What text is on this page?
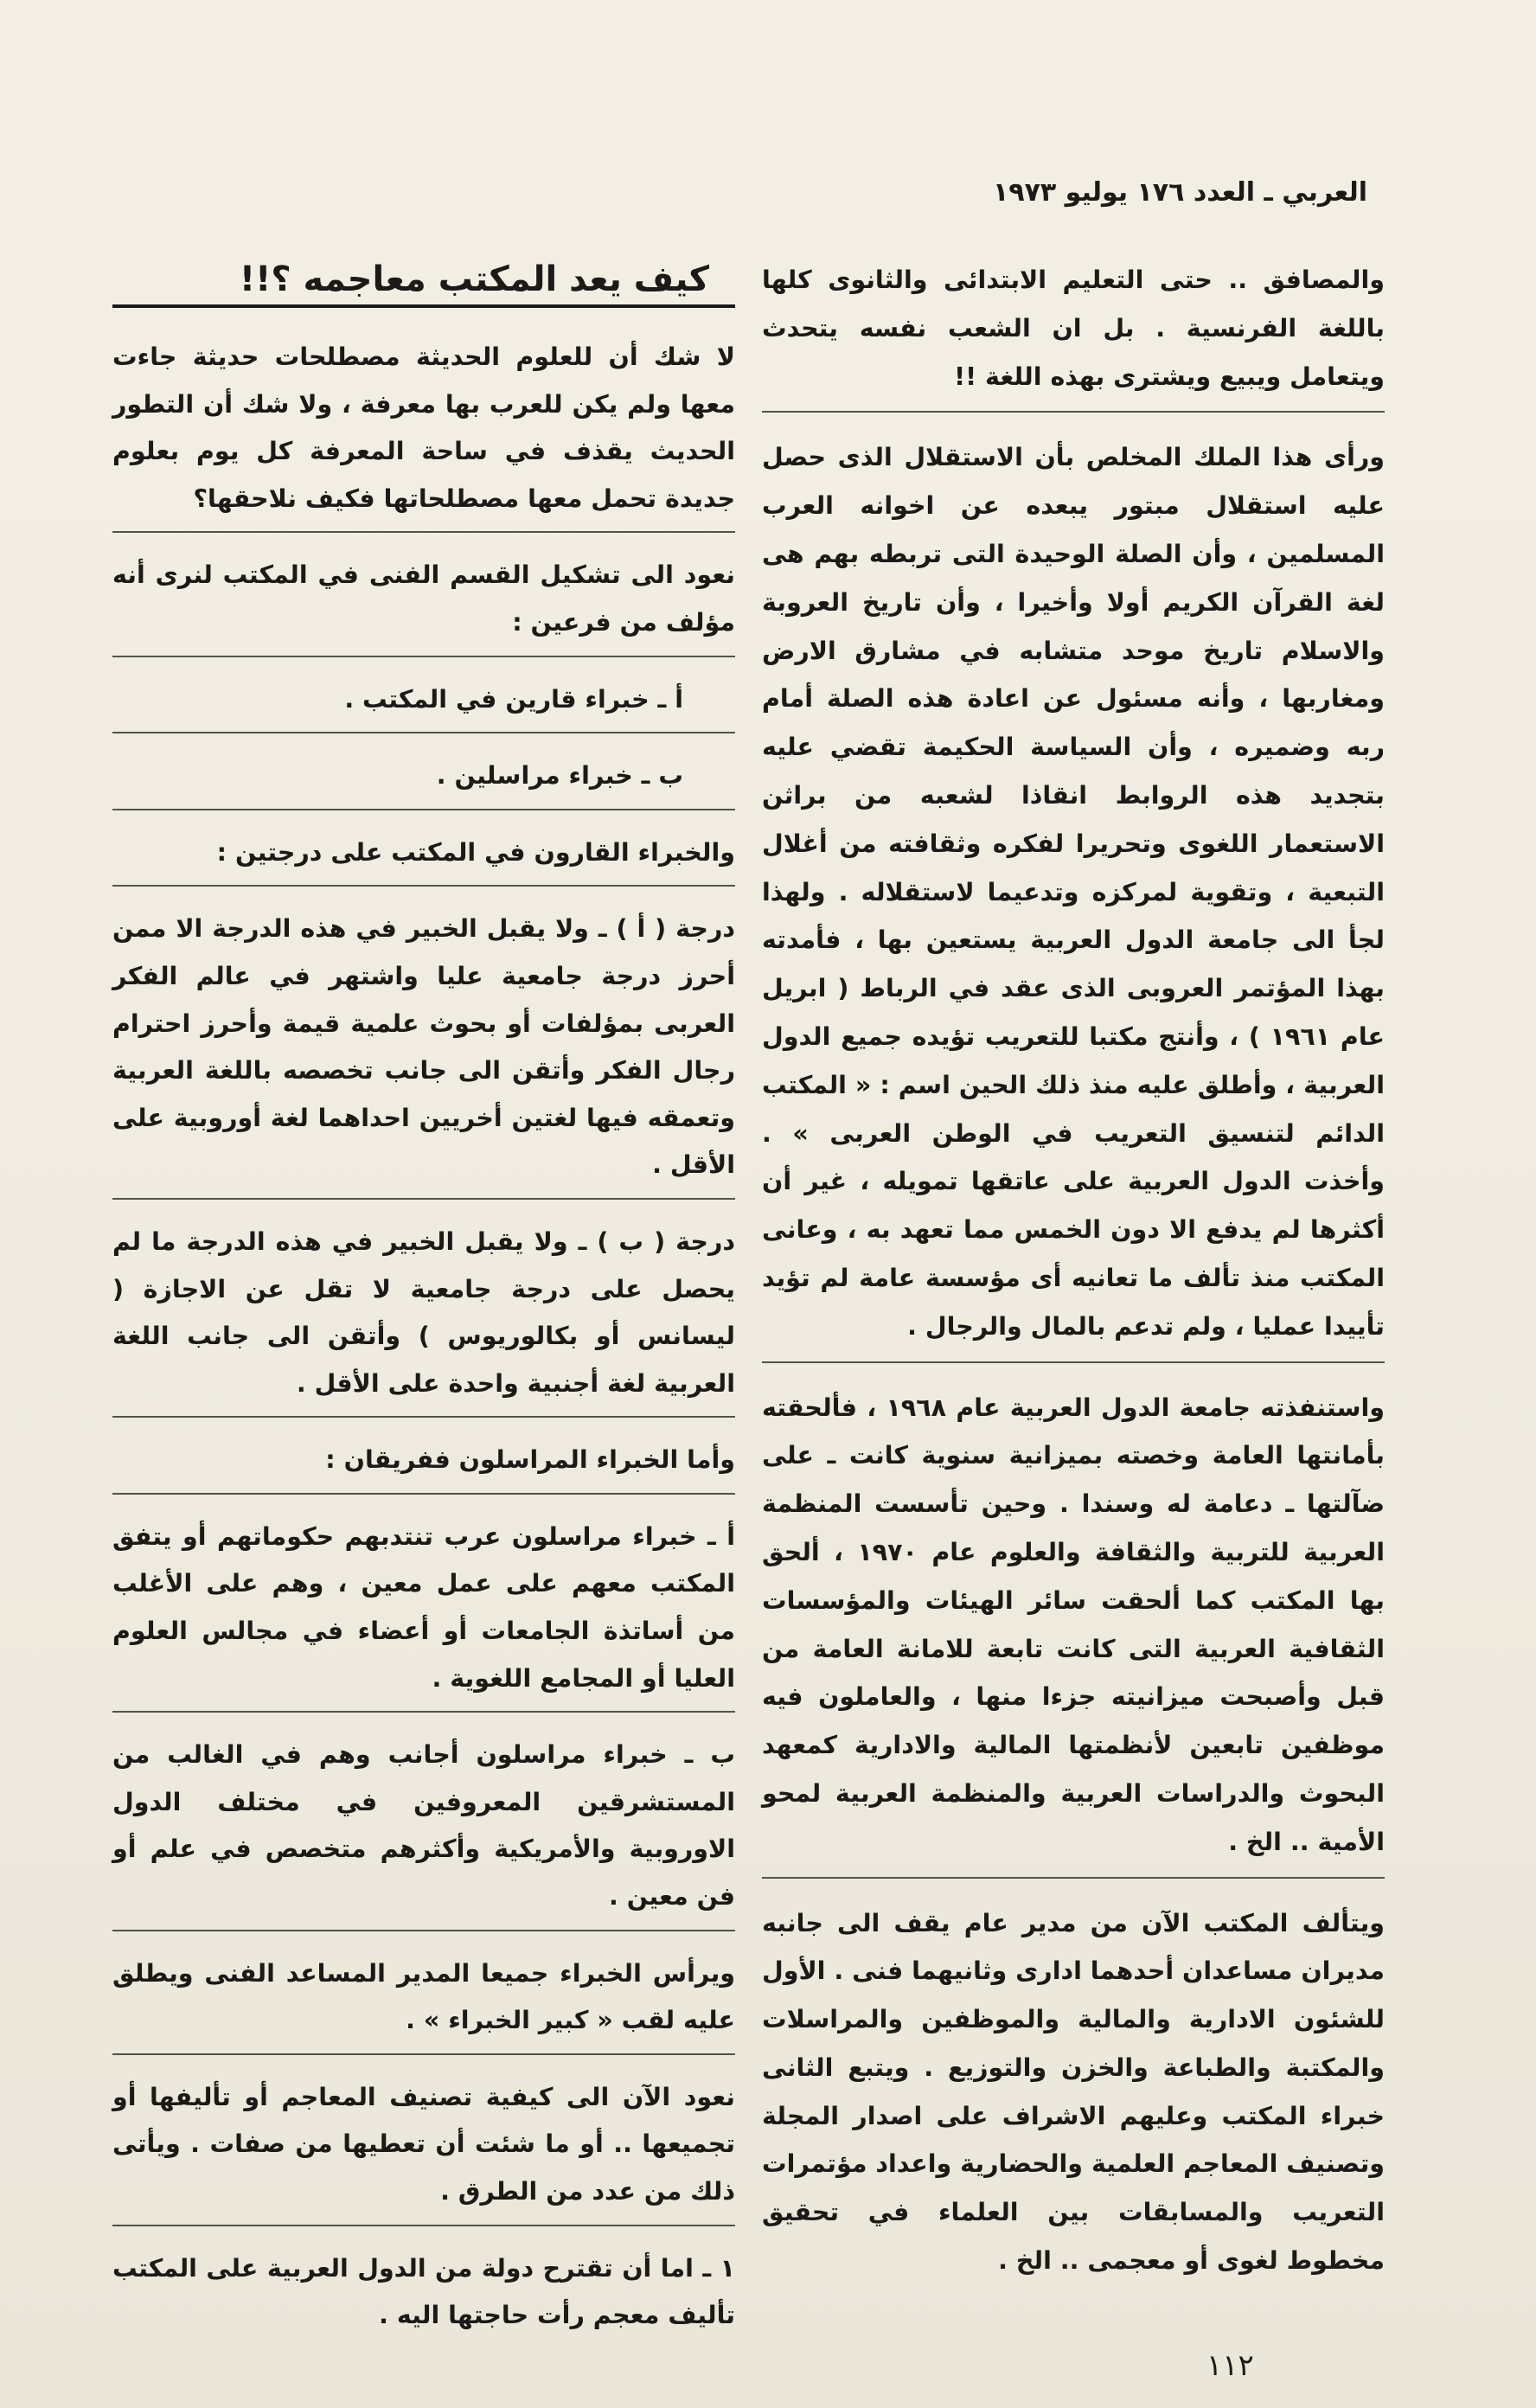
العربي ـ العدد ١٧٦ يوليو ١٩٧٣

والمصافق .. حتى التعليم الابتدائى والثانوى كلها باللغة الفرنسية . بل ان الشعب نفسه يتحدث ويتعامل ويبيع ويشترى بهذه اللغة !!

ورأى هذا الملك المخلص بأن الاستقلال الذى حصل عليه استقلال مبتور يبعده عن اخوانه العرب المسلمين ، وأن الصلة الوحيدة التى تربطه بهم هى لغة القرآن الكريم أولا وأخيرا ، وأن تاريخ العروبة والاسلام تاريخ موحد متشابه في مشارق الارض ومغاربها ، وأنه مسئول عن اعادة هذه الصلة أمام ربه وضميره ، وأن السياسة الحكيمة تقضي عليه بتجديد هذه الروابط انقاذا لشعبه من براثن الاستعمار اللغوى وتحريرا لفكره وثقافته من أغلال التبعية ، وتقوية لمركزه وتدعيما لاستقلاله . ولهذا لجأ الى جامعة الدول العربية يستعين بها ، فأمدته بهذا المؤتمر العروبى الذى عقد في الرباط ( ابريل عام ١٩٦١ ) ، وأنتج مكتبا للتعريب تؤيده جميع الدول العربية ، وأطلق عليه منذ ذلك الحين اسم : « المكتب الدائم لتنسيق التعريب في الوطن العربى » . وأخذت الدول العربية على عاتقها تمويله ، غير أن أكثرها لم يدفع الا دون الخمس مما تعهد به ، وعانى المكتب منذ تألف ما تعانيه أى مؤسسة عامة لم تؤيد تأييدا عمليا ، ولم تدعم بالمال والرجال .

واستنفذته جامعة الدول العربية عام ١٩٦٨ ، فألحقته بأمانتها العامة وخصته بميزانية سنوية كانت ـ على ضآلتها ـ دعامة له وسندا . وحين تأسست المنظمة العربية للتربية والثقافة والعلوم عام ١٩٧٠ ، ألحق بها المكتب كما ألحقت سائر الهيئات والمؤسسات الثقافية العربية التى كانت تابعة للامانة العامة من قبل وأصبحت ميزانيته جزءا منها ، والعاملون فيه موظفين تابعين لأنظمتها المالية والادارية كمعهد البحوث والدراسات العربية والمنظمة العربية لمحو الأمية .. الخ .

ويتألف المكتب الآن من مدير عام يقف الى جانبه مديران مساعدان أحدهما ادارى وثانيهما فنى . الأول للشئون الادارية والمالية والموظفين والمراسلات والمكتبة والطباعة والخزن والتوزيع . ويتبع الثانى خبراء المكتب وعليهم الاشراف على اصدار المجلة وتصنيف المعاجم العلمية والحضارية واعداد مؤتمرات التعريب والمسابقات بين العلماء في تحقيق مخطوط لغوى أو معجمى .. الخ .

كيف يعد المكتب معاجمه ؟!!

لا شك أن للعلوم الحديثة مصطلحات حديثة جاءت معها ولم يكن للعرب بها معرفة ، ولا شك أن التطور الحديث يقذف في ساحة المعرفة كل يوم بعلوم جديدة تحمل معها مصطلحاتها فكيف نلاحقها؟

نعود الى تشكيل القسم الفنى في المكتب لنرى أنه مؤلف من فرعين :

أ ـ خبراء قارين في المكتب .

ب ـ خبراء مراسلين .

والخبراء القارون في المكتب على درجتين :

درجة ( أ ) ـ ولا يقبل الخبير في هذه الدرجة الا ممن أحرز درجة جامعية عليا واشتهر في عالم الفكر العربى بمؤلفات أو بحوث علمية قيمة وأحرز احترام رجال الفكر وأتقن الى جانب تخصصه باللغة العربية وتعمقه فيها لغتين أخريين احداهما لغة أوروبية على الأقل .

درجة ( ب ) ـ ولا يقبل الخبير في هذه الدرجة ما لم يحصل على درجة جامعية لا تقل عن الاجازة ( ليسانس أو بكالوريوس ) وأتقن الى جانب اللغة العربية لغة أجنبية واحدة على الأقل .

وأما الخبراء المراسلون ففريقان :

أ ـ خبراء مراسلون عرب تنتدبهم حكوماتهم أو يتفق المكتب معهم على عمل معين ، وهم على الأغلب من أساتذة الجامعات أو أعضاء في مجالس العلوم العليا أو المجامع اللغوية .

ب ـ خبراء مراسلون أجانب وهم في الغالب من المستشرقين المعروفين في مختلف الدول الاوروبية والأمريكية وأكثرهم متخصص في علم أو فن معين .

ويرأس الخبراء جميعا المدير المساعد الفنى ويطلق عليه لقب « كبير الخبراء » .

نعود الآن الى كيفية تصنيف المعاجم أو تأليفها أو تجميعها .. أو ما شئت أن تعطيها من صفات . ويأتى ذلك من عدد من الطرق .

١ ـ اما أن تقترح دولة من الدول العربية على المكتب تأليف معجم رأت حاجتها اليه .

١١٢
